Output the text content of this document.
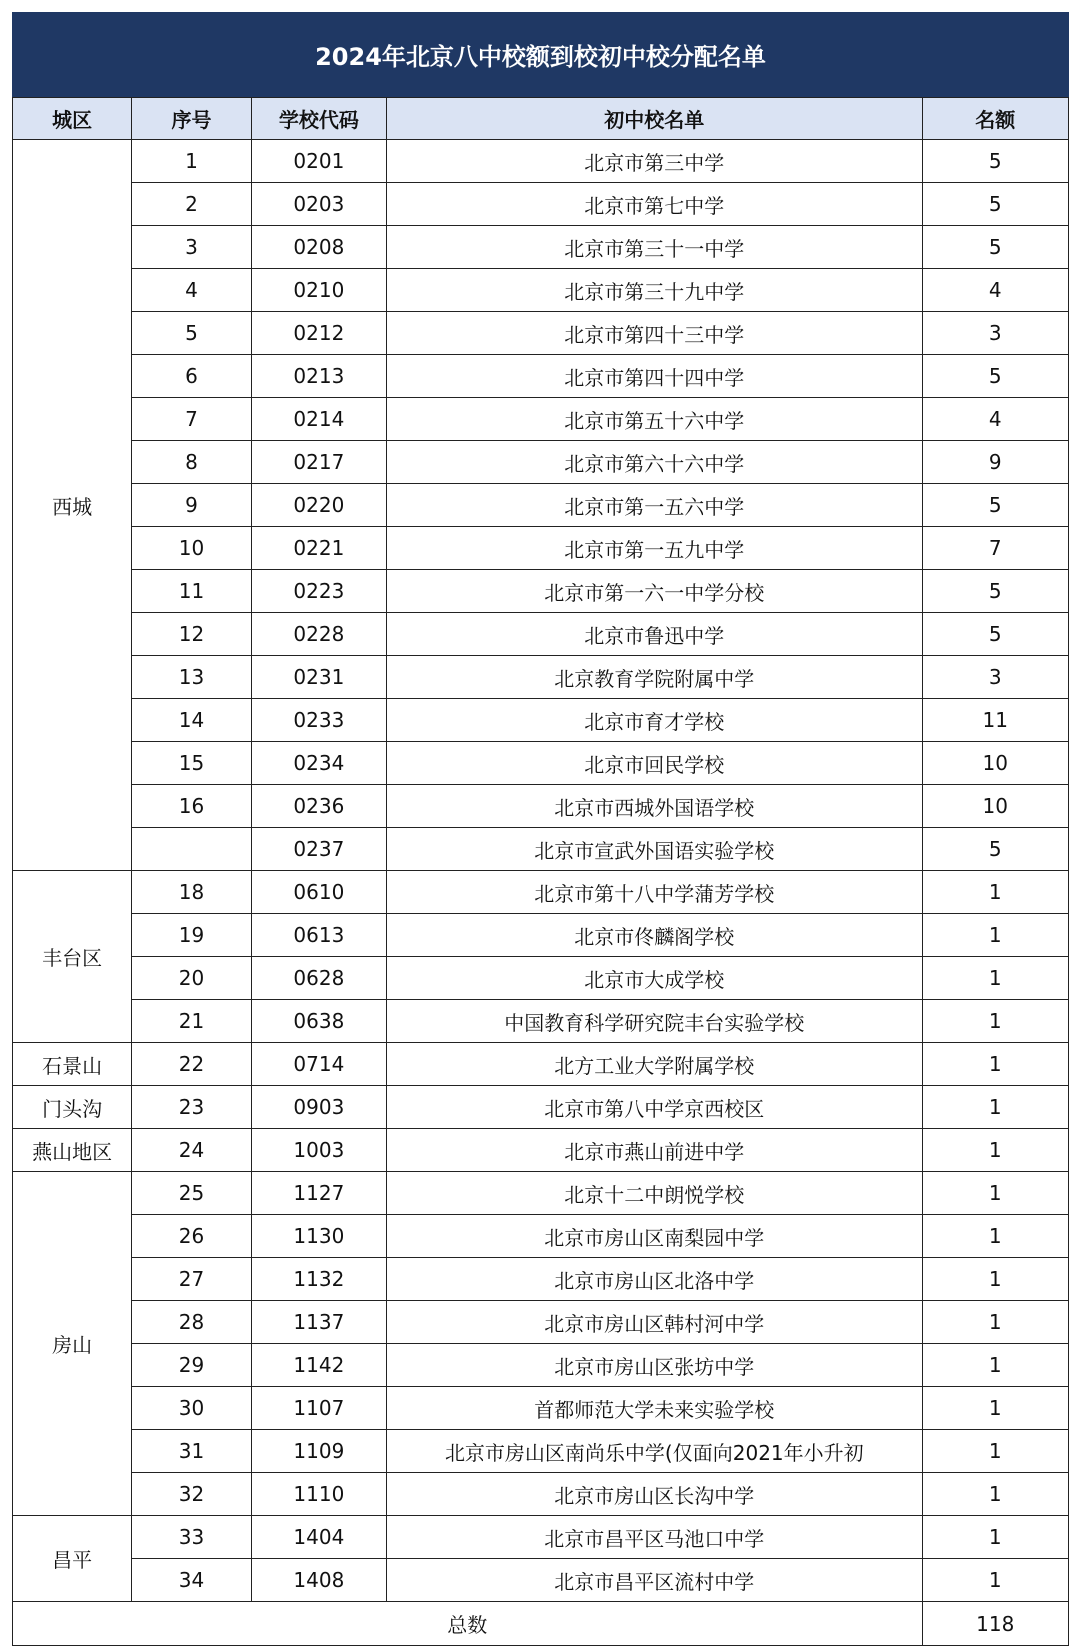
2024年北京八中校额到校初中校分配名单
城区	序号	学校代码	初中校名单	名额
西城	1	0201	北京市第三中学	5
	2	0203	北京市第七中学	5
	3	0208	北京市第三十一中学	5
	4	0210	北京市第三十九中学	4
	5	0212	北京市第四十三中学	3
	6	0213	北京市第四十四中学	5
	7	0214	北京市第五十六中学	4
	8	0217	北京市第六十六中学	9
	9	0220	北京市第一五六中学	5
	10	0221	北京市第一五九中学	7
	11	0223	北京市第一六一中学分校	5
	12	0228	北京市鲁迅中学	5
	13	0231	北京教育学院附属中学	3
	14	0233	北京市育才学校	11
	15	0234	北京市回民学校	10
	16	0236	北京市西城外国语学校	10
		0237	北京市宣武外国语实验学校	5
丰台区	18	0610	北京市第十八中学蒲芳学校	1
	19	0613	北京市佟麟阁学校	1
	20	0628	北京市大成学校	1
	21	0638	中国教育科学研究院丰台实验学校	1
石景山	22	0714	北方工业大学附属学校	1
门头沟	23	0903	北京市第八中学京西校区	1
燕山地区	24	1003	北京市燕山前进中学	1
房山	25	1127	北京十二中朗悦学校	1
	26	1130	北京市房山区南梨园中学	1
	27	1132	北京市房山区北洛中学	1
	28	1137	北京市房山区韩村河中学	1
	29	1142	北京市房山区张坊中学	1
	30	1107	首都师范大学未来实验学校	1
	31	1109	北京市房山区南尚乐中学(仅面向2021年小升初	1
	32	1110	北京市房山区长沟中学	1
昌平	33	1404	北京市昌平区马池口中学	1
	34	1408	北京市昌平区流村中学	1
总数				118
